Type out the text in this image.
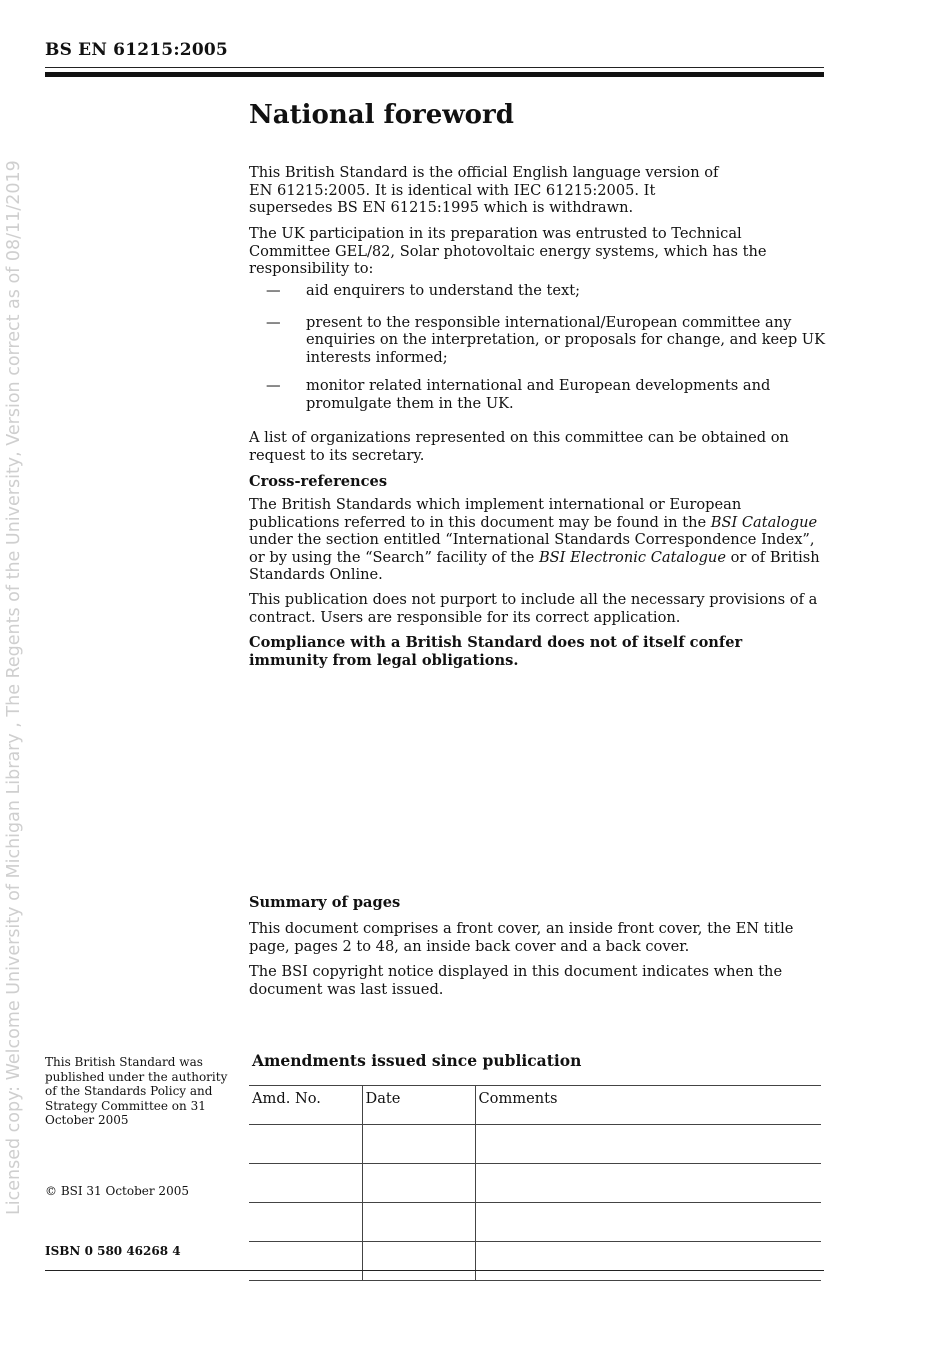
BS EN 61215:2005
Licensed copy: Welcome University of Michigan Library , The Regents of the University, Version correct as of 08/11/2019
National foreword

This British Standard is the official English language version of EN 61215:2005. It is identical with IEC 61215:2005. It supersedes BS EN 61215:1995 which is withdrawn.

The UK participation in its preparation was entrusted to Technical Committee GEL/82, Solar photovoltaic energy systems, which has the responsibility to:

— aid enquirers to understand the text;

— present to the responsible international/European committee any enquiries on the interpretation, or proposals for change, and keep UK interests informed;

— monitor related international and European developments and promulgate them in the UK.

A list of organizations represented on this committee can be obtained on request to its secretary.

Cross-references

The British Standards which implement international or European publications referred to in this document may be found in the BSI Catalogue under the section entitled “International Standards Correspondence Index”, or by using the “Search” facility of the BSI Electronic Catalogue or of British Standards Online.

This publication does not purport to include all the necessary provisions of a contract. Users are responsible for its correct application.

Compliance with a British Standard does not of itself confer immunity from legal obligations.

Summary of pages

This document comprises a front cover, an inside front cover, the EN title page, pages 2 to 48, an inside back cover and a back cover.

The BSI copyright notice displayed in this document indicates when the document was last issued.

This British Standard was published under the authority of the Standards Policy and Strategy Committee on 31 October 2005
© BSI 31 October 2005
ISBN 0 580 46268 4
Amendments issued since publication
Amd. No.	Date	Comments
